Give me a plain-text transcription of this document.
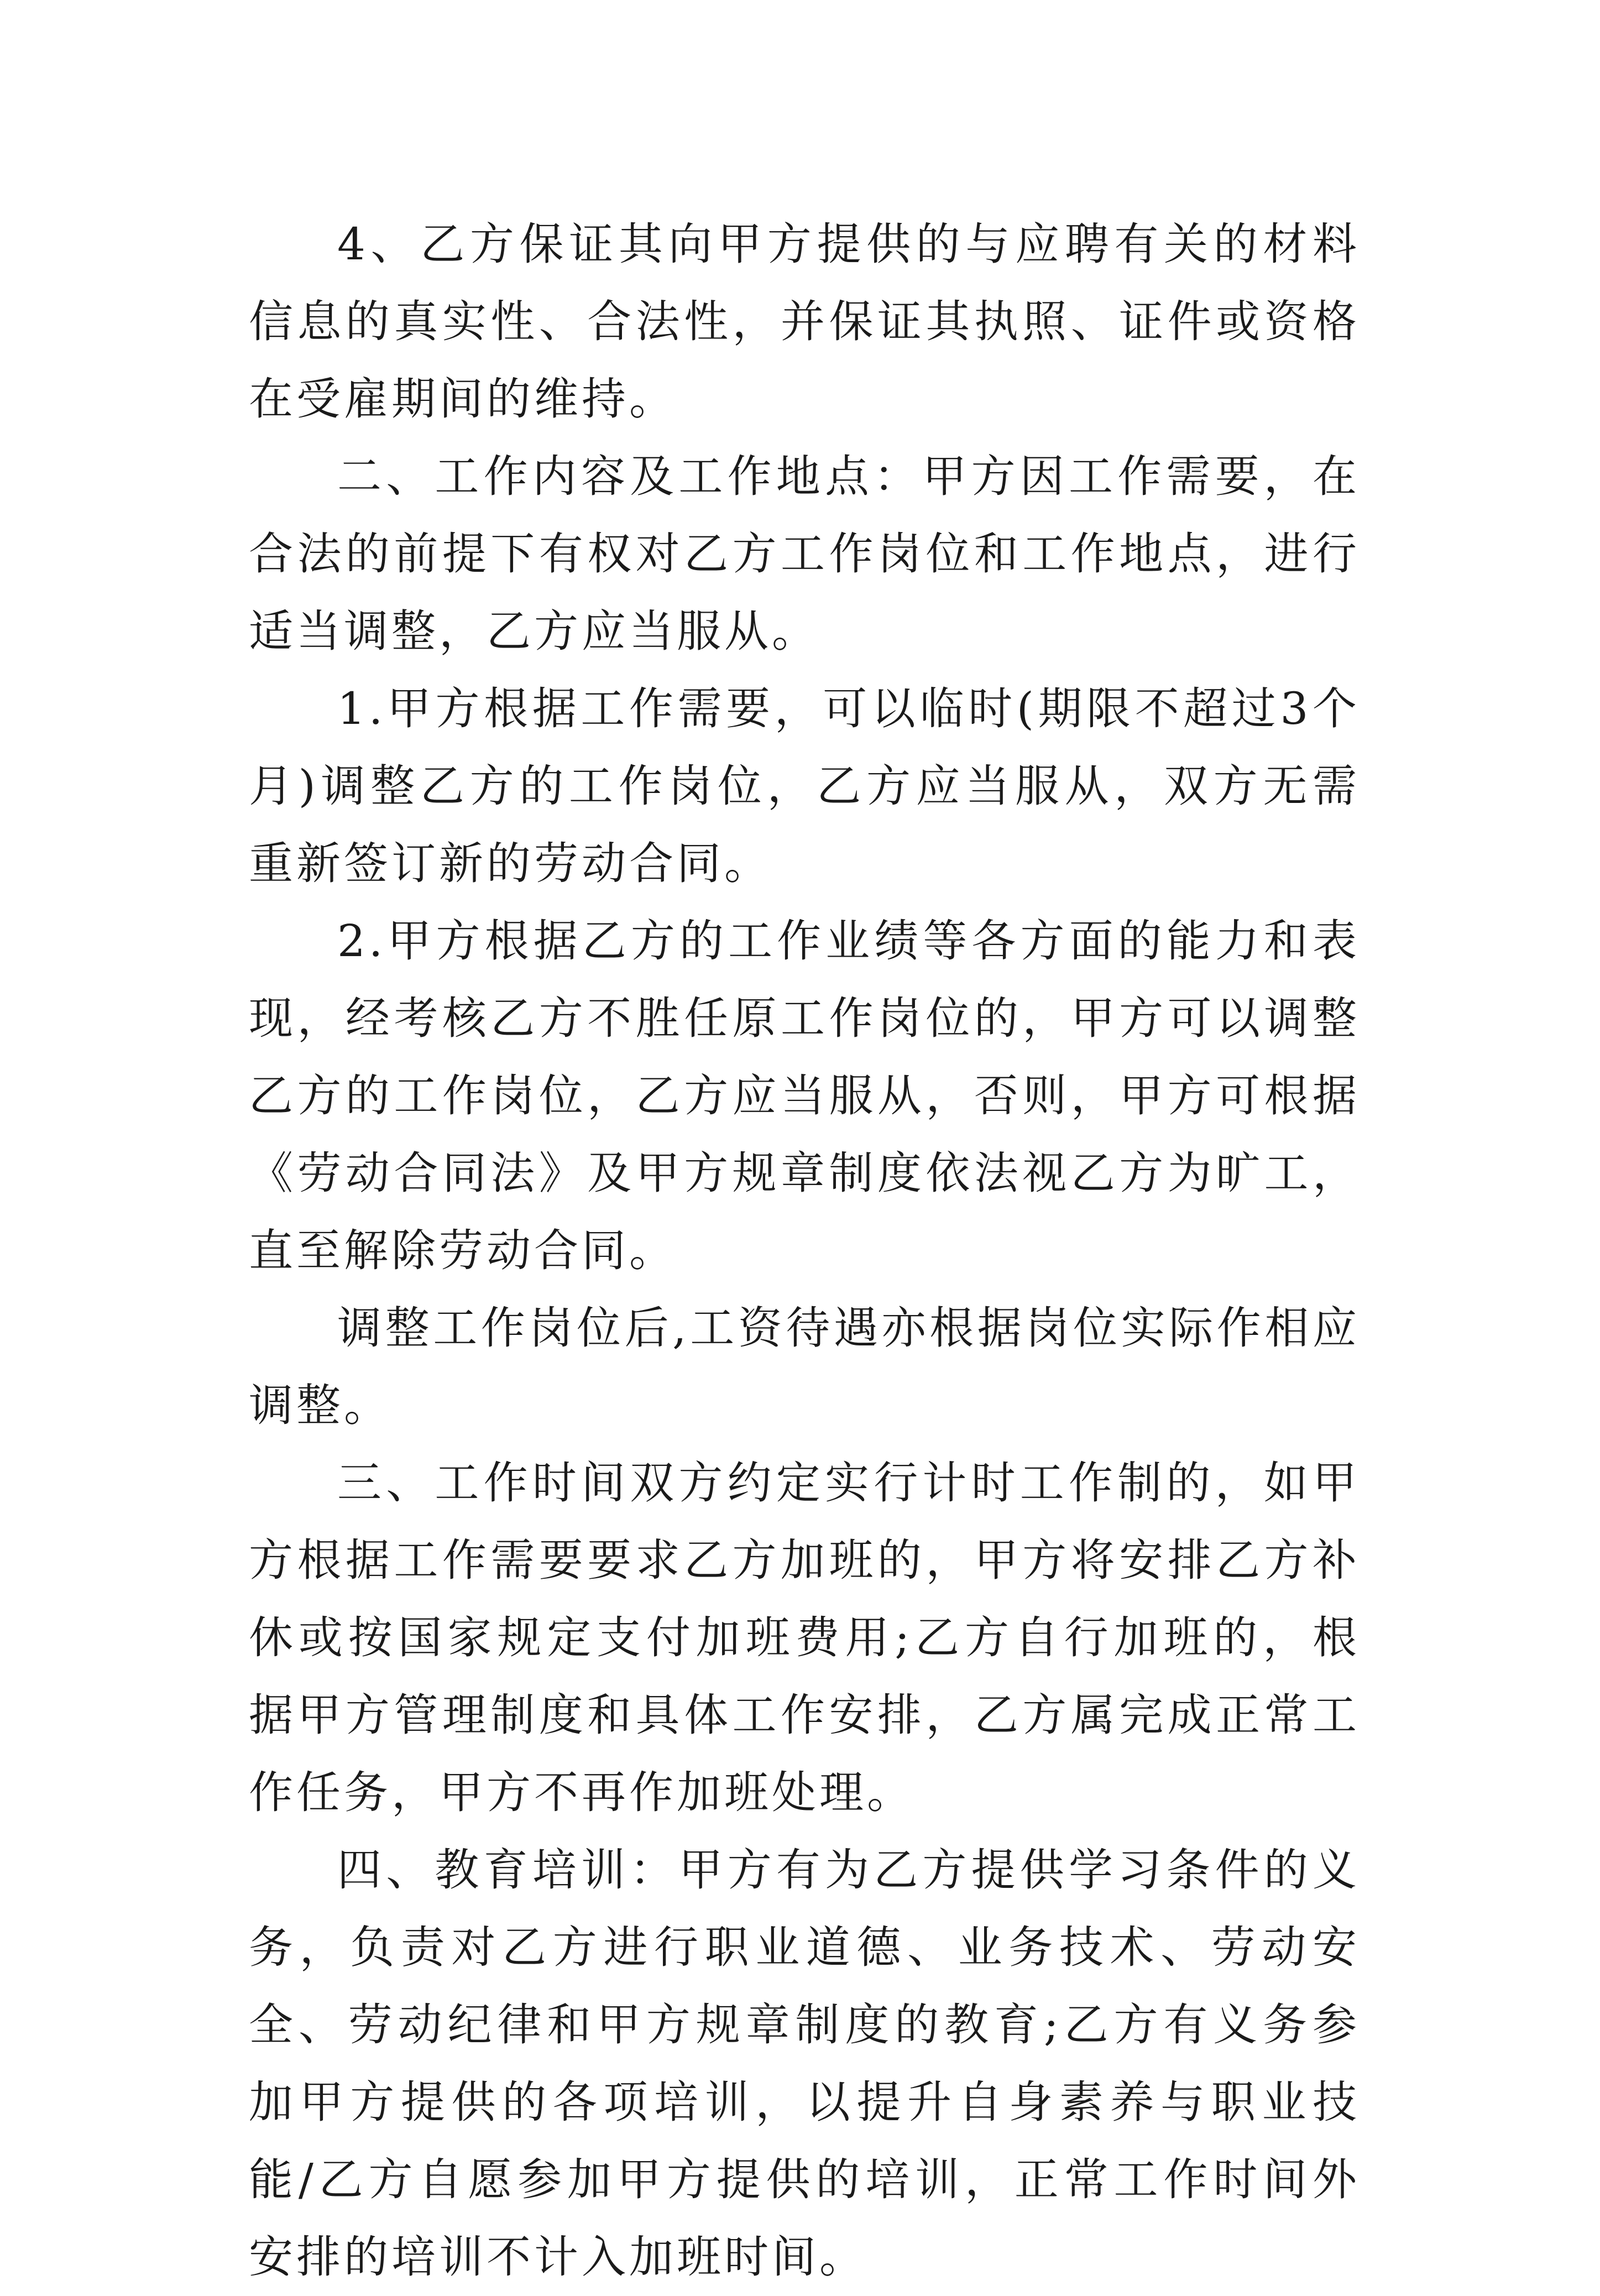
4、乙方保证其向甲方提供的与应聘有关的材料信息的真实性、合法性，并保证其执照、证件或资格在受雇期间的维持。

二、工作内容及工作地点：甲方因工作需要，在合法的前提下有权对乙方工作岗位和工作地点，进行适当调整，乙方应当服从。

1.甲方根据工作需要，可以临时(期限不超过3个月)调整乙方的工作岗位，乙方应当服从，双方无需重新签订新的劳动合同。

2.甲方根据乙方的工作业绩等各方面的能力和表现，经考核乙方不胜任原工作岗位的，甲方可以调整乙方的工作岗位，乙方应当服从，否则，甲方可根据《劳动合同法》及甲方规章制度依法视乙方为旷工，直至解除劳动合同。

调整工作岗位后,工资待遇亦根据岗位实际作相应调整。

三、工作时间双方约定实行计时工作制的，如甲方根据工作需要要求乙方加班的，甲方将安排乙方补休或按国家规定支付加班费用;乙方自行加班的，根据甲方管理制度和具体工作安排，乙方属完成正常工作任务，甲方不再作加班处理。

四、教育培训：甲方有为乙方提供学习条件的义务，负责对乙方进行职业道德、业务技术、劳动安全、劳动纪律和甲方规章制度的教育;乙方有义务参加甲方提供的各项培训，以提升自身素养与职业技能/乙方自愿参加甲方提供的培训，正常工作时间外安排的培训不计入加班时间。
